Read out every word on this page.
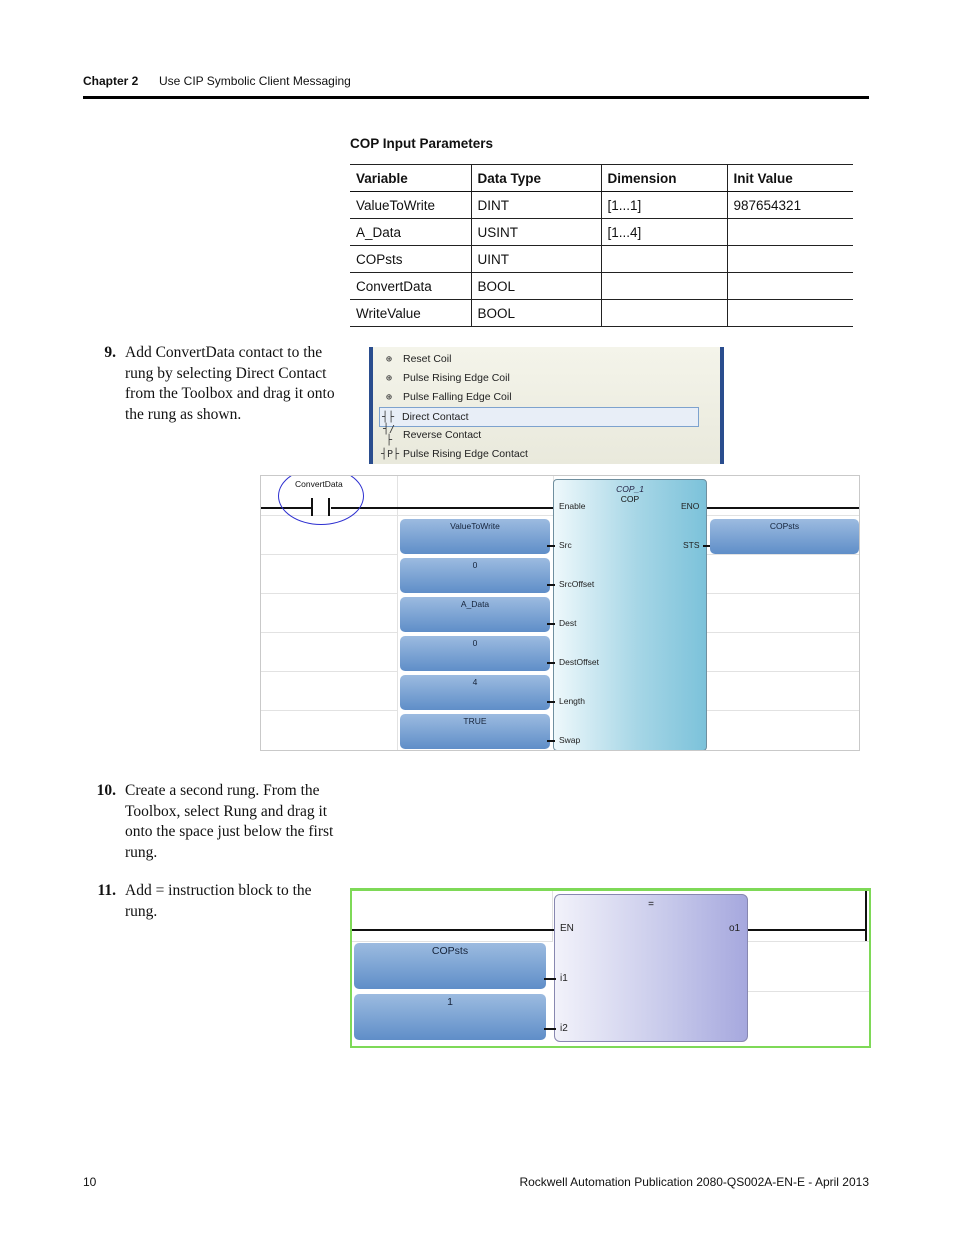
Chapter 2 Use CIP Symbolic Client Messaging
COP Input Parameters
Variable	Data Type	Dimension	Init Value
ValueToWrite	DINT	[1...1]	987654321
A_Data	USINT	[1...4]	
COPsts	UINT		
ConvertData	BOOL		
WriteValue	BOOL		
9. Add ConvertData contact to the rung by selecting Direct Contact from the Toolbox and drag it onto the rung as shown.
⊕	Reset Coil
⊕	Pulse Rising Edge Coil
⊕	Pulse Falling Edge Coil
┤├ Direct Contact
┤/├	Reverse Contact
┤P├ Pulse Rising Edge Contact
ConvertData	COP_1
COP
Enable
Src
SrcOffset
Dest
DestOffset
Length
Swap
ENO
STS
ValueToWrite
0
A_Data
0
4
TRUE
COPsts
10. Create a second rung. From the Toolbox, select Rung and drag it onto the space just below the first rung.
11. Add = instruction block to the rung.	=
EN
i1
i2
o1
COPsts
1
10	Rockwell Automation Publication 2080-QS002A-EN-E - April 2013
